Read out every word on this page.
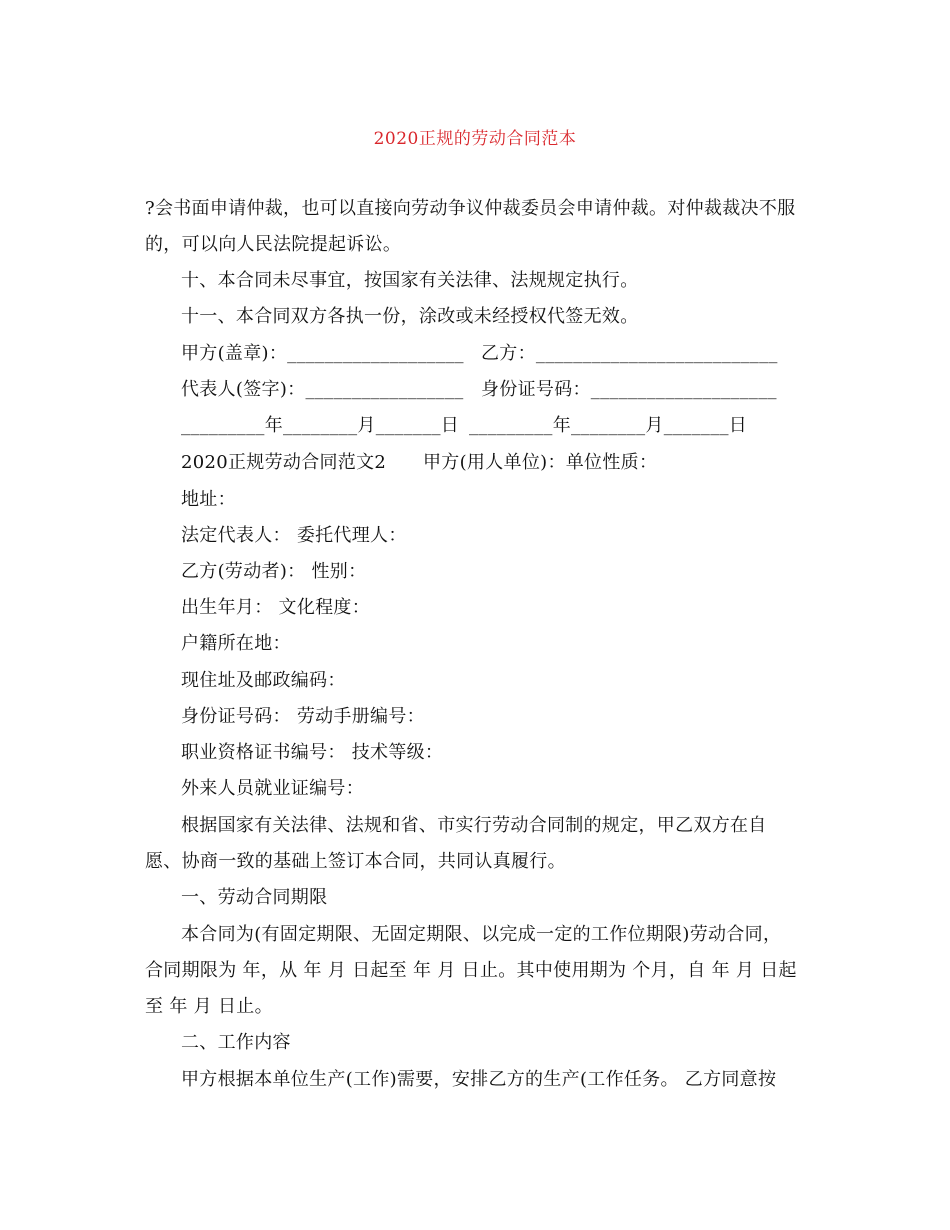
2020正规的劳动合同范本
?会书面申请仲裁，也可以直接向劳动争议仲裁委员会申请仲裁。对仲裁裁决不服
的，可以向人民法院提起诉讼。
十、本合同未尽事宜，按国家有关法律、法规规定执行。
十一、本合同双方各执一份，涂改或未经授权代签无效。
甲方(盖章)：___________________ 乙方：__________________________
代表人(签字)：_________________ 身份证号码：____________________
_________年________月_______日 _________年________月_______日
2020正规劳动合同范文2 甲方(用人单位)：单位性质：
地址：
法定代表人： 委托代理人：
乙方(劳动者)： 性别：
出生年月： 文化程度：
户籍所在地：
现住址及邮政编码：
身份证号码： 劳动手册编号：
职业资格证书编号： 技术等级：
外来人员就业证编号：
根据国家有关法律、法规和省、市实行劳动合同制的规定，甲乙双方在自
愿、协商一致的基础上签订本合同，共同认真履行。
一、劳动合同期限
本合同为(有固定期限、无固定期限、以完成一定的工作位期限)劳动合同，
合同期限为 年，从 年 月 日起至 年 月 日止。其中使用期为 个月，自 年 月 日起
至 年 月 日止。
二、工作内容
甲方根据本单位生产(工作)需要，安排乙方的生产(工作任务。 乙方同意按
